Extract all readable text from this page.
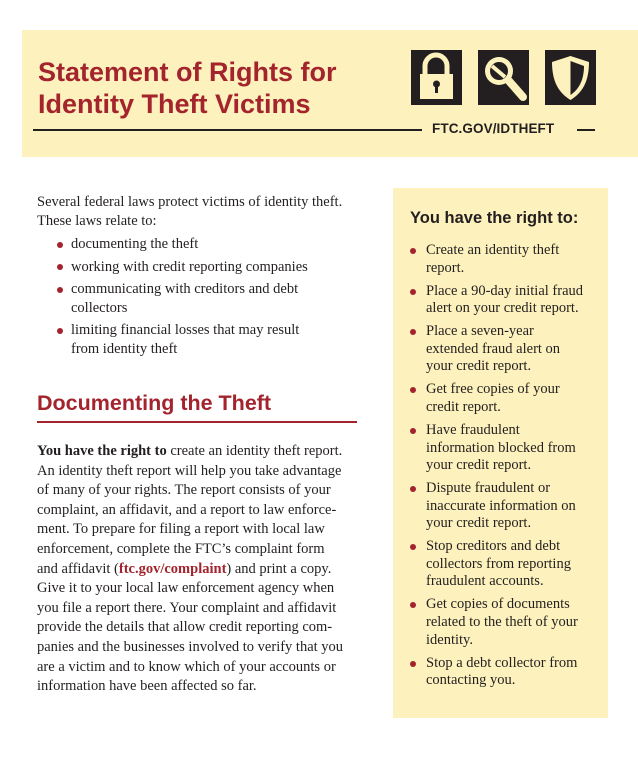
Statement of Rights for
Identity Theft Victims
FTC.GOV/IDTHEFT

Several federal laws protect victims of identity theft.
These laws relate to:

documenting the theft
working with credit reporting companies
communicating with creditors and debt
collectors
limiting financial losses that may result
from identity theft
Documenting the Theft
You have the right to create an identity theft report.
An identity theft report will help you take advantage
of many of your rights. The report consists of your
complaint, an affidavit, and a report to law enforce-
ment. To prepare for filing a report with local law
enforcement, complete the FTC’s complaint form
and affidavit (ftc.gov/complaint) and print a copy.
Give it to your local law enforcement agency when
you file a report there. Your complaint and affidavit
provide the details that allow credit reporting com-
panies and the businesses involved to verify that you
are a victim and to know which of your accounts or
information have been affected so far.
You have the right to:
Create an identity theft
report.
Place a 90-day initial fraud
alert on your credit report.
Place a seven-year
extended fraud alert on
your credit report.
Get free copies of your
credit report.
Have fraudulent
information blocked from
your credit report.
Dispute fraudulent or
inaccurate information on
your credit report.
Stop creditors and debt
collectors from reporting
fraudulent accounts.
Get copies of documents
related to the theft of your
identity.
Stop a debt collector from
contacting you.
